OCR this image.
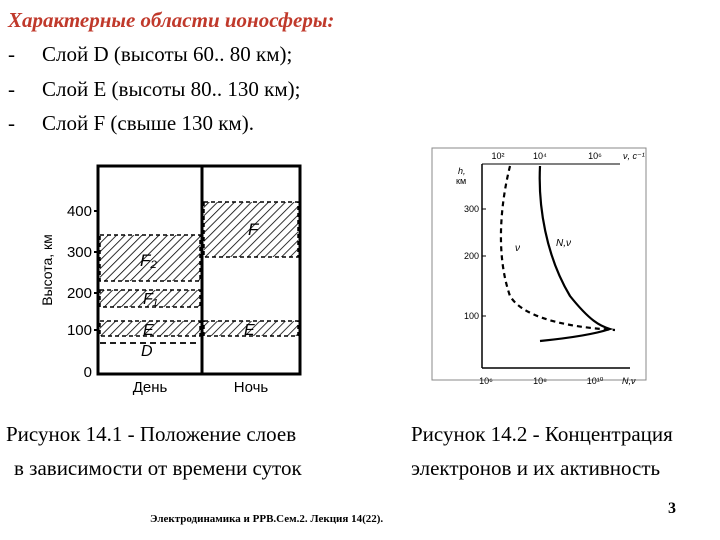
Характерные области ионосферы:
- Слой D (высоты 60.. 80 км);
- Слой E (высоты 80.. 130 км);
- Слой F (свыше 130 км).
F₂
F₁
E
D
F
E
400
300
200
100
0
Высота, км
День	Ночь
300
200
100
h,
км
10²	10⁴	10⁶ ν, c⁻¹
10⁶	10⁸	10¹⁰ N,ν
ν	N,ν
Рисунок 14.1 - Положение слоев
в зависимости от времени суток
Рисунок 14.2 - Концентрация
электронов и их активность
Электродинамика и РРВ.Сем.2. Лекция 14(22).
3
